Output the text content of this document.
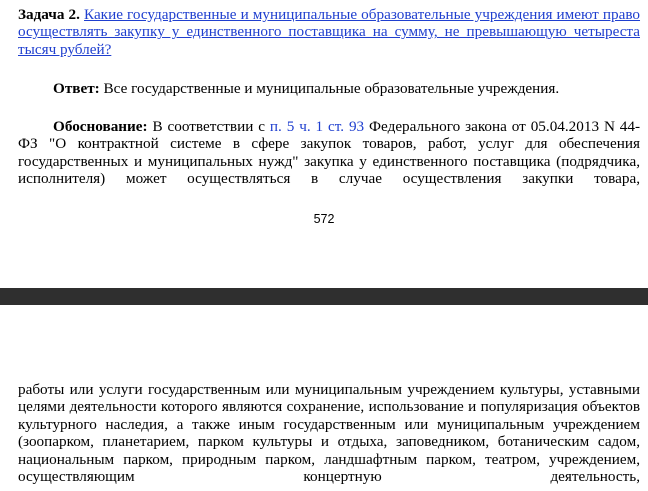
Задача 2. Какие государственные и муниципальные образовательные учреждения имеют право осуществлять закупку у единственного поставщика на сумму, не превышающую четыреста тысяч рублей?

Ответ: Все государственные и муниципальные образовательные учреждения.

Обоснование: В соответствии с п. 5 ч. 1 ст. 93 Федерального закона от 05.04.2013 N 44-ФЗ "О контрактной системе в сфере закупок товаров, работ, услуг для обеспечения государственных и муниципальных нужд" закупка у единственного поставщика (подрядчика, исполнителя) может осуществляться в случае осуществления закупки товара,

572

работы или услуги государственным или муниципальным учреждением культуры, уставными целями деятельности которого являются сохранение, использование и популяризация объектов культурного наследия, а также иным государственным или муниципальным учреждением (зоопарком, планетарием, парком культуры и отдыха, заповедником, ботаническим садом, национальным парком, природным парком, ландшафтным парком, театром, учреждением, осуществляющим концертную деятельность,
